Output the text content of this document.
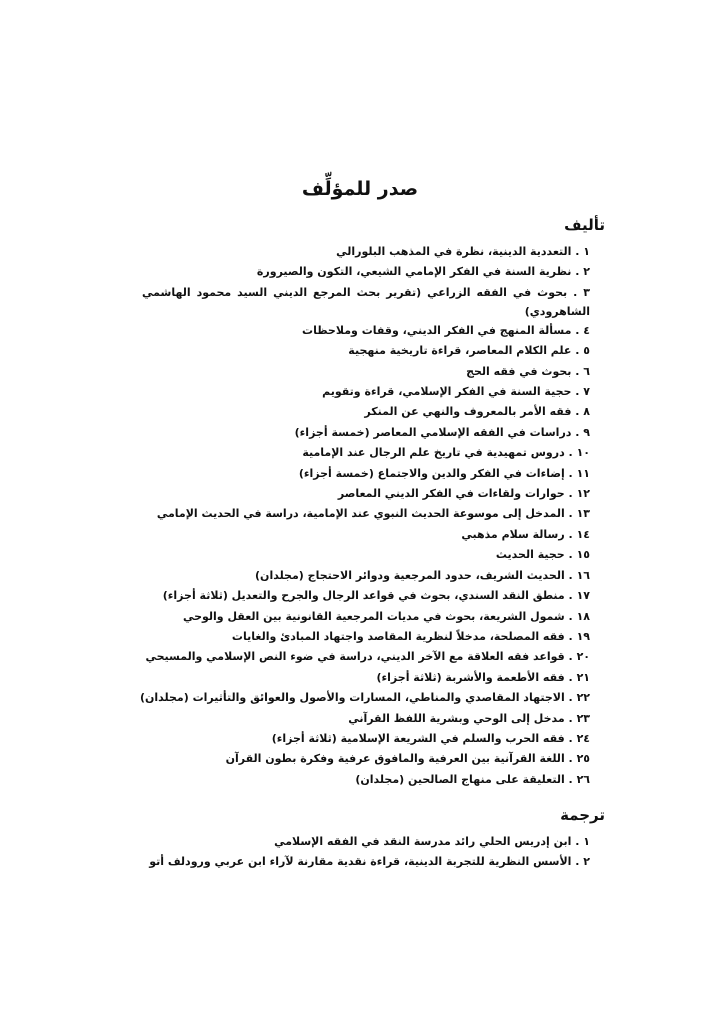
صدر للمؤلِّف
تأليف
١ . التعددية الدينية، نظرة في المذهب البلورالي
٢ . نظرية السنة في الفكر الإمامي الشيعي، التكون والصيرورة
٣ . بحوث في الفقه الزراعي (تقرير بحث المرجع الديني السيد محمود الهاشمي الشاهرودي)
٤ . مسألة المنهج في الفكر الديني، وقفات وملاحظات
٥ . علم الكلام المعاصر، قراءة تاريخية منهجية
٦ . بحوث في فقه الحج
٧ . حجية السنة في الفكر الإسلامي، قراءة وتقويم
٨ . فقه الأمر بالمعروف والنهي عن المنكر
٩ . دراسات في الفقه الإسلامي المعاصر (خمسة أجزاء)
١٠ . دروس تمهيدية في تاريخ علم الرجال عند الإمامية
١١ . إضاءات في الفكر والدين والاجتماع (خمسة أجزاء)
١٢ . حوارات ولقاءات في الفكر الديني المعاصر
١٣ . المدخل إلى موسوعة الحديث النبوي عند الإمامية، دراسة في الحديث الإمامي
١٤ . رسالة سلام مذهبي
١٥ . حجية الحديث
١٦ . الحديث الشريف، حدود المرجعية ودوائر الاحتجاج (مجلدان)
١٧ . منطق النقد السندي، بحوث في قواعد الرجال والجرح والتعديل (ثلاثة أجزاء)
١٨ . شمول الشريعة، بحوث في مديات المرجعية القانونية بين العقل والوحي
١٩ . فقه المصلحة، مدخلاً لنظرية المقاصد واجتهاد المبادئ والغايات
٢٠ . قواعد فقه العلاقة مع الآخر الديني، دراسة في ضوء النص الإسلامي والمسيحي
٢١ . فقه الأطعمة والأشربة (ثلاثة أجزاء)
٢٢ . الاجتهاد المقاصدي والمناطي، المسارات والأصول والعوائق والتأثيرات (مجلدان)
٢٣ . مدخل إلى الوحي وبشرية اللفظ القرآني
٢٤ . فقه الحرب والسلم في الشريعة الإسلامية (ثلاثة أجزاء)
٢٥ . اللغة القرآنية بين العرفية والمافوق عرفية وفكرة بطون القرآن
٢٦ . التعليقة على منهاج الصالحين (مجلدان)
ترجمة
١ . ابن إدريس الحلي رائد مدرسة النقد في الفقه الإسلامي
٢ . الأسس النظرية للتجربة الدينية، قراءة نقدية مقارنة لآراء ابن عربي ورودلف أتو
